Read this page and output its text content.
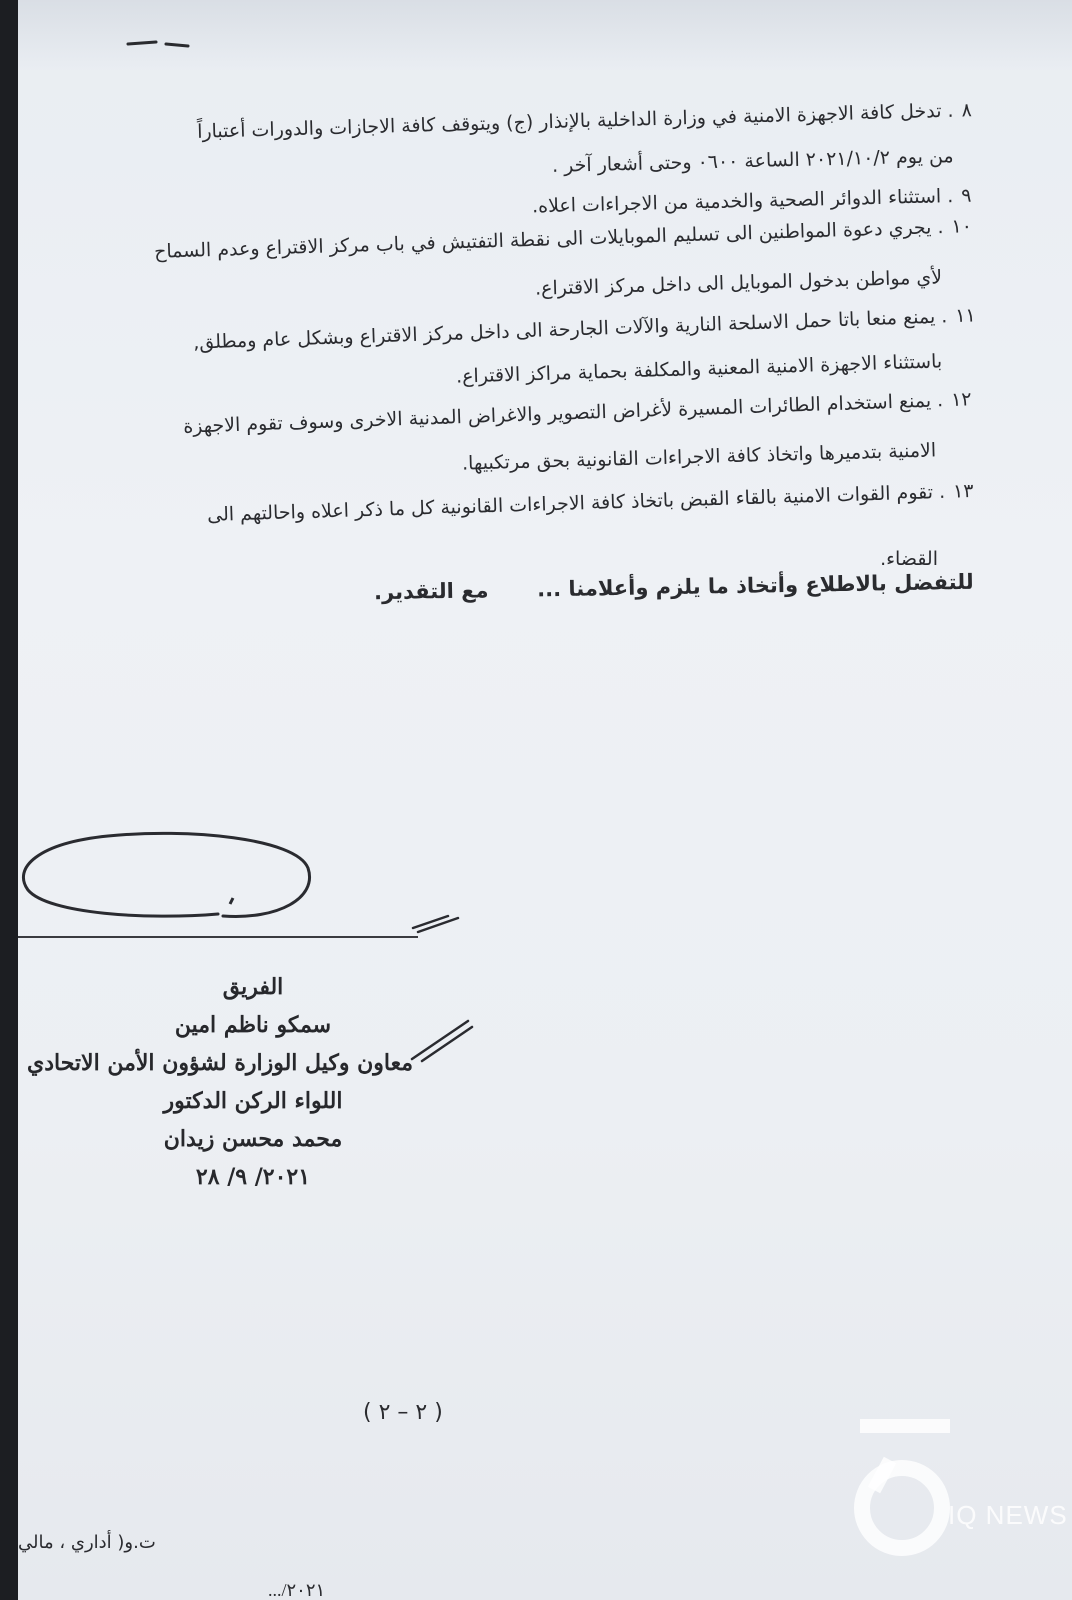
٨. تدخل كافة الاجهزة الامنية في وزارة الداخلية بالإنذار (ج) ويتوقف كافة الاجازات والدورات أعتباراً
من يوم ٢٠٢١/١٠/٢ الساعة ٠٦٠٠ وحتى أشعار آخر .
٩. استثناء الدوائر الصحية والخدمية من الاجراءات اعلاه.
١٠. يجري دعوة المواطنين الى تسليم الموبايلات الى نقطة التفتيش في باب مركز الاقتراع وعدم السماح
لأي مواطن بدخول الموبايل الى داخل مركز الاقتراع.
١١. يمنع منعا باتا حمل الاسلحة النارية والآلات الجارحة الى داخل مركز الاقتراع وبشكل عام ومطلق,
باستثناء الاجهزة الامنية المعنية والمكلفة بحماية مراكز الاقتراع.
١٢. يمنع استخدام الطائرات المسيرة لأغراض التصوير والاغراض المدنية الاخرى وسوف تقوم الاجهزة
الامنية بتدميرها واتخاذ كافة الاجراءات القانونية بحق مرتكبيها.
١٣. تقوم القوات الامنية بالقاء القبض باتخاذ كافة الاجراءات القانونية كل ما ذكر اعلاه واحالتهم الى
القضاء.
للتفضل بالاطلاع وأتخاذ ما يلزم وأعلامنا ...  مع التقدير.
الفريق
سمكو ناظم امين
معاون وكيل الوزارة لشؤون الأمن الاتحادي
اللواء الركن الدكتور
محمد محسن زيدان
٢٠٢١/ ٩/ ٢٨
( ٢ – ٢ )
ت.و( أداري ، مالي
٢٠٢١/...
IQ NEWS
